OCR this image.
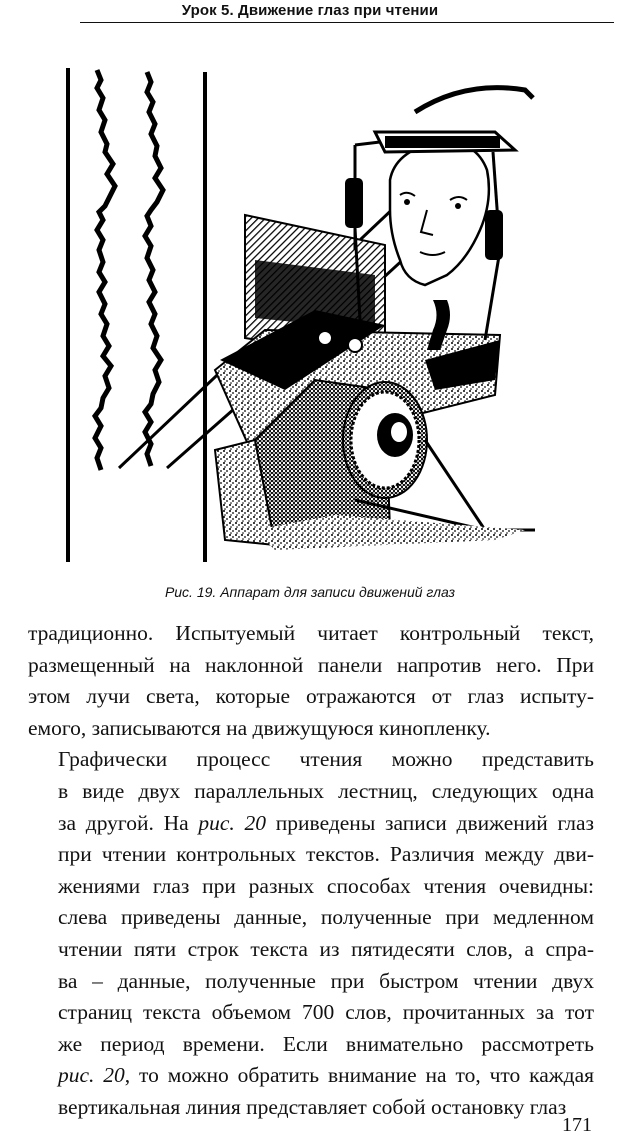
Урок 5. Движение глаз при чтении
Рис. 19. Аппарат для записи движений глаз

традиционно. Испытуемый читает контрольный текст,
размещенный на наклонной панели напротив него. При
этом лучи света, которые отражаются от глаз испыту-
емого, записываются на движущуюся кинопленку.

Графически процесс чтения можно представить
в виде двух параллельных лестниц, следующих одна
за другой. На рис. 20 приведены записи движений глаз
при чтении контрольных текстов. Различия между дви-
жениями глаз при разных способах чтения очевидны:
слева приведены данные, полученные при медленном
чтении пяти строк текста из пятидесяти слов, а спра-
ва – данные, полученные при быстром чтении двух
страниц текста объемом 700 слов, прочитанных за тот
же период времени. Если внимательно рассмотреть
рис. 20, то можно обратить внимание на то, что каждая
вертикальная линия представляет собой остановку глаз

171
